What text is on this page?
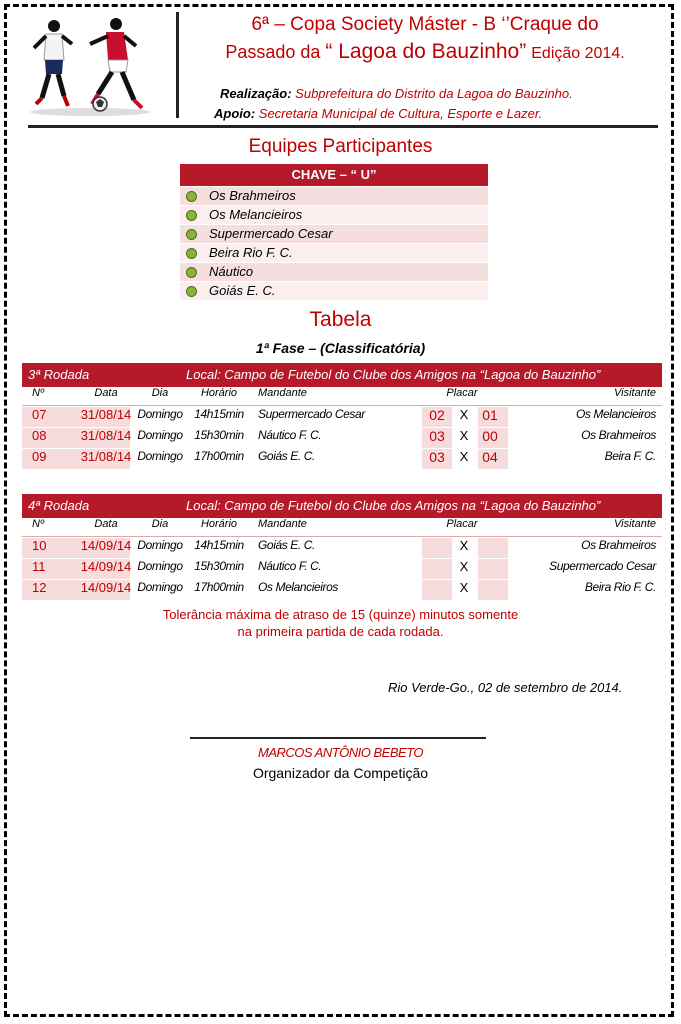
6ª – Copa Society Máster - B ‘’Craque do
Passado da “ Lagoa do Bauzinho” Edição 2014.
Realização: Subprefeitura do Distrito da Lagoa do Bauzinho.
Apoio: Secretaria Municipal de Cultura, Esporte e Lazer.
Equipes Participantes
CHAVE – “ U”
Os Brahmeiros
Os Melancieiros
Supermercado Cesar
Beira Rio F. C.
Náutico
Goiás E. C.
Tabela
1ª Fase – (Classificatória)
3ª Rodada	Local: Campo de Futebol do Clube dos Amigos na “Lagoa do Bauzinho”
Nº	Data	Dia	Horário	Mandante	Placar	Visitante
07	31/08/14 Domingo 14h15min Supermercado Cesar	02	X 01	Os Melancieiros
08	31/08/14 Domingo 15h30min Náutico F. C.	03	X 00	Os Brahmeiros
09	31/08/14 Domingo 17h00min Goiás E. C.	03	X 04	Beira F. C.
4ª Rodada	Local: Campo de Futebol do Clube dos Amigos na “Lagoa do Bauzinho”
Nº	Data	Dia	Horário	Mandante	Placar	Visitante
10	14/09/14 Domingo 14h15min Goiás E. C.	X	Os Brahmeiros
11	14/09/14 Domingo 15h30min Náutico F. C.	X	Supermercado Cesar
12	14/09/14 Domingo 17h00min Os Melancieiros	X	Beira Rio F. C.
Tolerância máxima de atraso de 15 (quinze) minutos somente
na primeira partida de cada rodada.
Rio Verde-Go., 02 de setembro de 2014.
MARCOS ANTÔNIO BEBETO
Organizador da Competição
